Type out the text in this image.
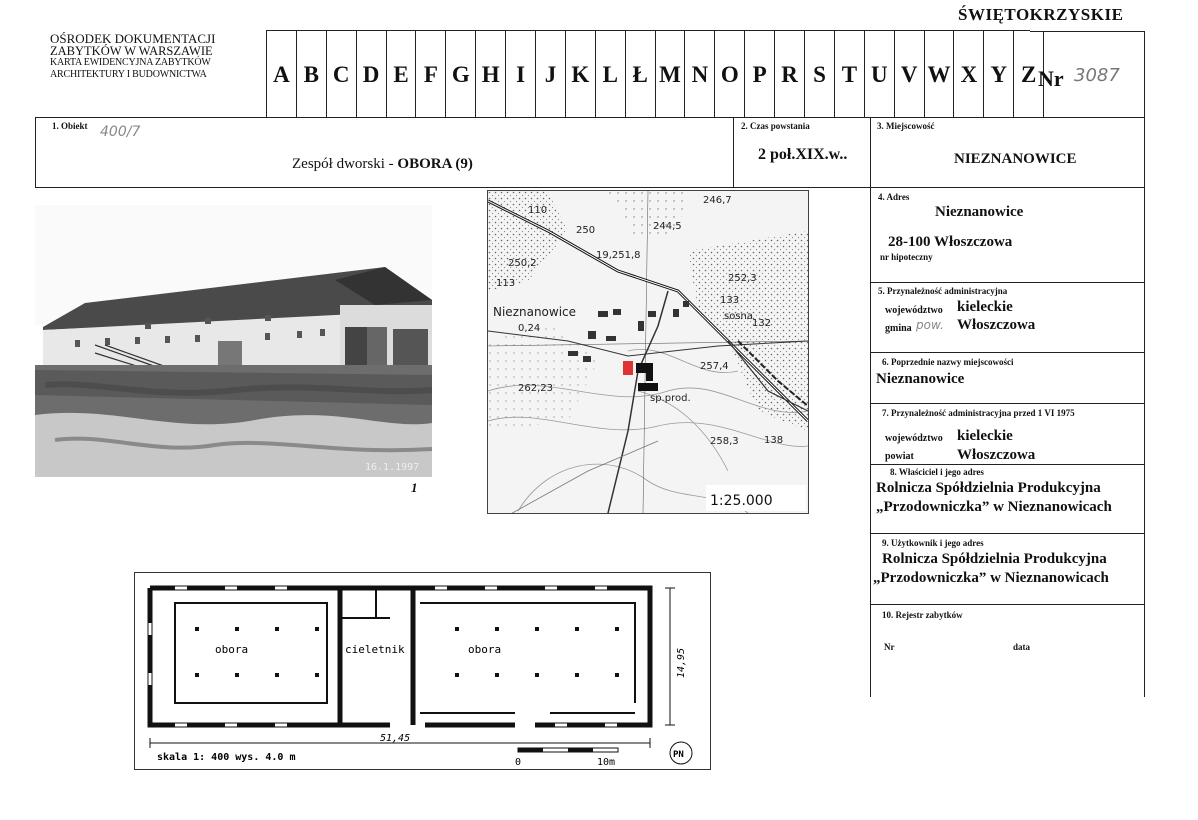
ŚWIĘTOKRZYSKIE
OŚRODEK DOKUMENTACJI
ZABYTKÓW W WARSZAWIE
KARTA EWIDENCYJNA ZABYTKÓW
ARCHITEKTURY I BUDOWNICTWA	A B C D E F G H I J K L Ł M N O P R S T U V W X Y Z Nr 3087
1. Obiekt 400/7
Zespół dworski - OBORA (9)
2. Czas powstania
2 poł.XIX.w..
3. Miejscowość
NIEZNANOWICE
4. Adres
Nieznanowice
28-100 Włoszczowa
nr hipoteczny
5. Przynależność administracyjna
województwo kieleckie
gmina pow. Włoszczowa
6. Poprzednie nazwy miejscowości
Nieznanowice
7. Przynależność administracyjna przed 1 VI 1975
województwo kieleckie
powiat	Włoszczowa
8. Właściciel i jego adres
Rolnicza Spółdzielnia Produkcyjna
„Przodowniczka” w Nieznanowicach
9. Użytkownik i jego adres
Rolnicza Spółdzielnia Produkcyjna
„Przodowniczka” w Nieznanowicach
10. Rejestr zabytków
Nr	data
16.1.1997
1
110
246,7
244,5
250
250,2
19,251,8
252,3
133
sosna
132
Nieznanowice
0,24
257,4
262,23
sp.prod.
258,3	138
113
1:25.000
PN
obora	cieletnik	obora
51,45
14,95
skala 1: 400 wys. 4.0 m	0	10m
